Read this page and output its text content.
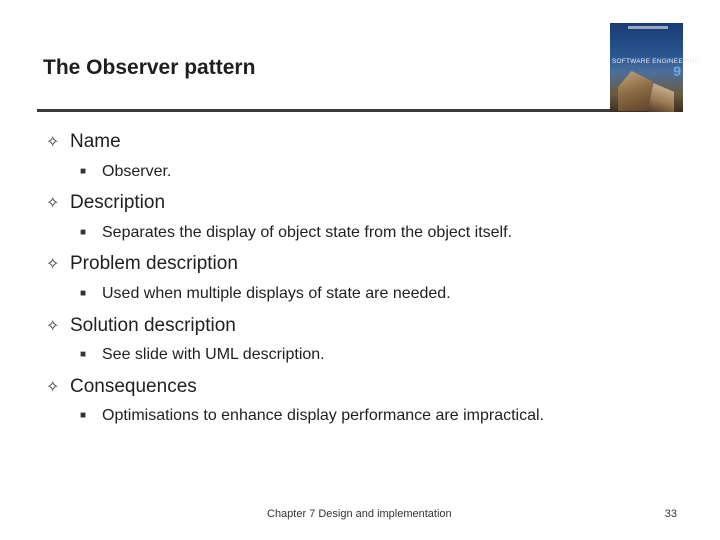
The Observer pattern	SOFTWARE ENGINEERING
9
✧ Name
■ Observer.
✧ Description
■ Separates the display of object state from the object itself.
✧ Problem description
■ Used when multiple displays of state are needed.
✧ Solution description
■ See slide with UML description.
✧ Consequences
■ Optimisations to enhance display performance are impractical.
Chapter 7 Design and implementation	33
